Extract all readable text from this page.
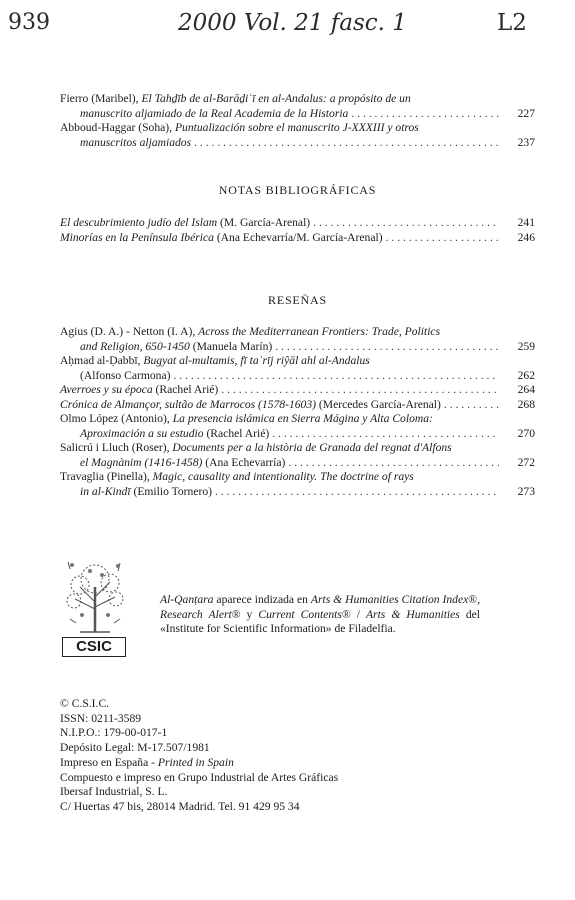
939	2000 Vol. 21 fasc. 1	L2
Fierro (Maribel), El Tahḏīb de al-Barāḏiʿī en al-Andalus: a propósito de un
manuscrito aljamiado de la Real Academia de la Historia . . .	227
Abboud-Haggar (Soha), Puntualización sobre el manuscrito J-XXXIII y otros
manuscritos aljamiados . . .	237
NOTAS BIBLIOGRÁFICAS
El descubrimiento judío del Islam (M. García-Arenal) . . .	241
Minorías en la Península Ibérica (Ana Echevarría/M. García-Arenal) . . .	246
RESEÑAS
Agius (D. A.) - Netton (I. A), Across the Mediterranean Frontiers: Trade, Politics
and Religion, 650-1450 (Manuela Marín) . . .	259
Aḥmad al-Ḍabbī, Bugyat al-multamis, fī taʾrīj riŷāl ahl al-Andalus
(Alfonso Carmona) . . .	262
Averroes y su época (Rachel Arié) . . .	264
Crónica de Almançor, sultão de Marrocos (1578-1603) (Mercedes García-Arenal) . . .	268
Olmo López (Antonio), La presencia islámica en Sierra Mágina y Alta Coloma:
Aproximación a su estudio (Rachel Arié) . . .	270
Salicrú i Lluch (Roser), Documents per a la història de Granada del regnat d'Alfons
el Magnànim (1416-1458) (Ana Echevarría) . . .	272
Travaglia (Pinella), Magic, causality and intentionality. The doctrine of rays
in al-Kindī (Emilio Tornero) . . .	273
CSIC
Al-Qanṭara aparece indizada en Arts & Humanities Citation Index®, Research Alert® y Current Contents® / Arts & Humanities del «Institute for Scientific Information» de Filadelfia.
© C.S.I.C.
ISSN: 0211-3589
N.I.P.O.: 179-00-017-1
Depósito Legal: M-17.507/1981
Impreso en España - Printed in Spain
Compuesto e impreso en Grupo Industrial de Artes Gráficas
Ibersaf Industrial, S. L.
C/ Huertas 47 bis, 28014 Madrid. Tel. 91 429 95 34
